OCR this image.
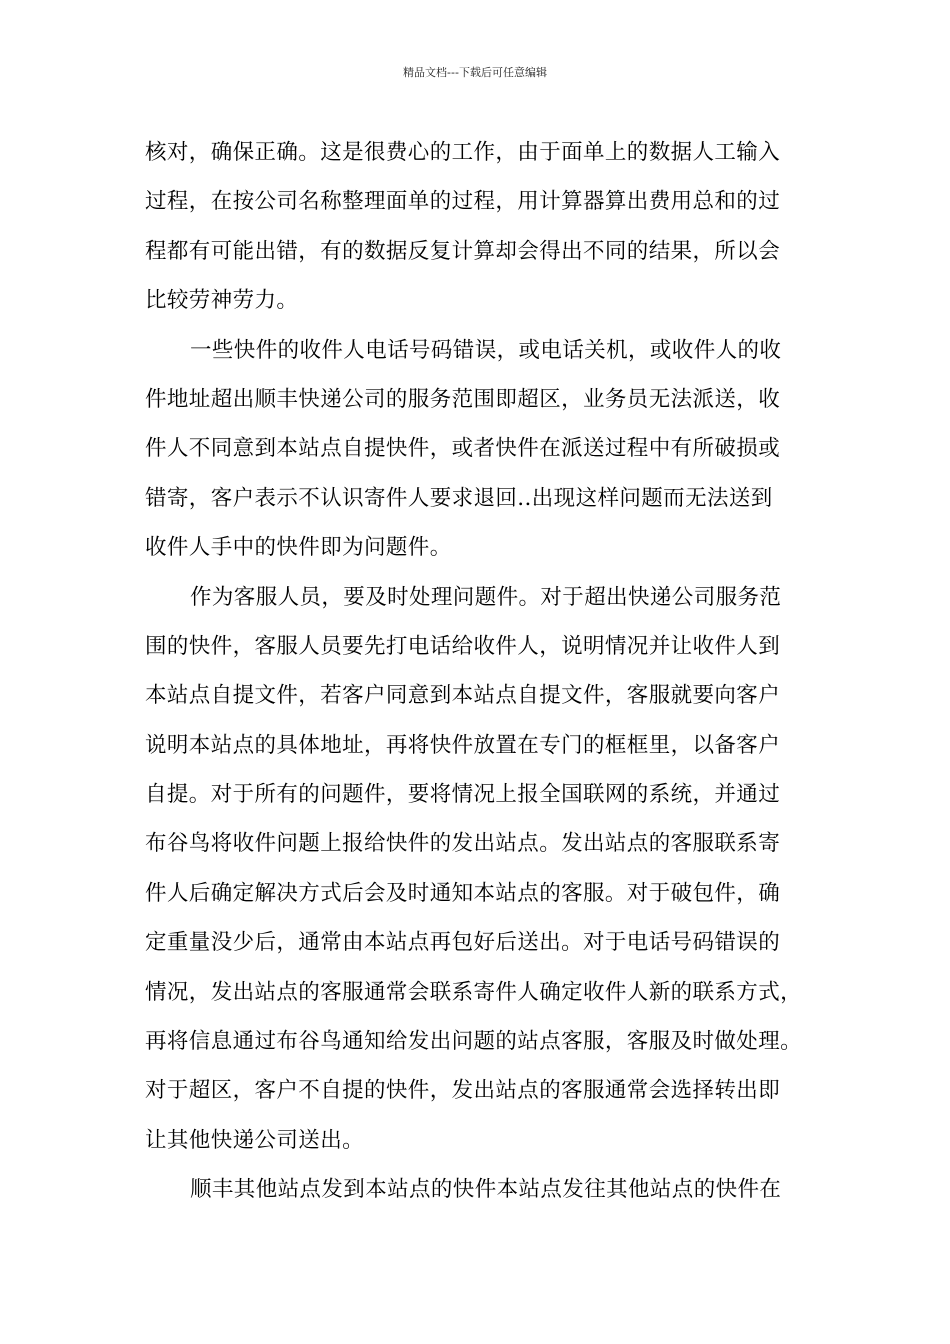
精品文档---下载后可任意编辑
核对，确保正确。这是很费心的工作，由于面单上的数据人工输入
过程，在按公司名称整理面单的过程，用计算器算出费用总和的过
程都有可能出错，有的数据反复计算却会得出不同的结果，所以会
比较劳神劳力。
一些快件的收件人电话号码错误，或电话关机，或收件人的收
件地址超出顺丰快递公司的服务范围即超区，业务员无法派送，收
件人不同意到本站点自提快件，或者快件在派送过程中有所破损或
错寄，客户表示不认识寄件人要求退回..出现这样问题而无法送到
收件人手中的快件即为问题件。
作为客服人员，要及时处理问题件。对于超出快递公司服务范
围的快件，客服人员要先打电话给收件人，说明情况并让收件人到
本站点自提文件，若客户同意到本站点自提文件，客服就要向客户
说明本站点的具体地址，再将快件放置在专门的框框里，以备客户
自提。对于所有的问题件，要将情况上报全国联网的系统，并通过
布谷鸟将收件问题上报给快件的发出站点。发出站点的客服联系寄
件人后确定解决方式后会及时通知本站点的客服。对于破包件，确
定重量没少后，通常由本站点再包好后送出。对于电话号码错误的
情况，发出站点的客服通常会联系寄件人确定收件人新的联系方式，
再将信息通过布谷鸟通知给发出问题的站点客服，客服及时做处理。
对于超区，客户不自提的快件，发出站点的客服通常会选择转出即
让其他快递公司送出。
顺丰其他站点发到本站点的快件本站点发往其他站点的快件在
